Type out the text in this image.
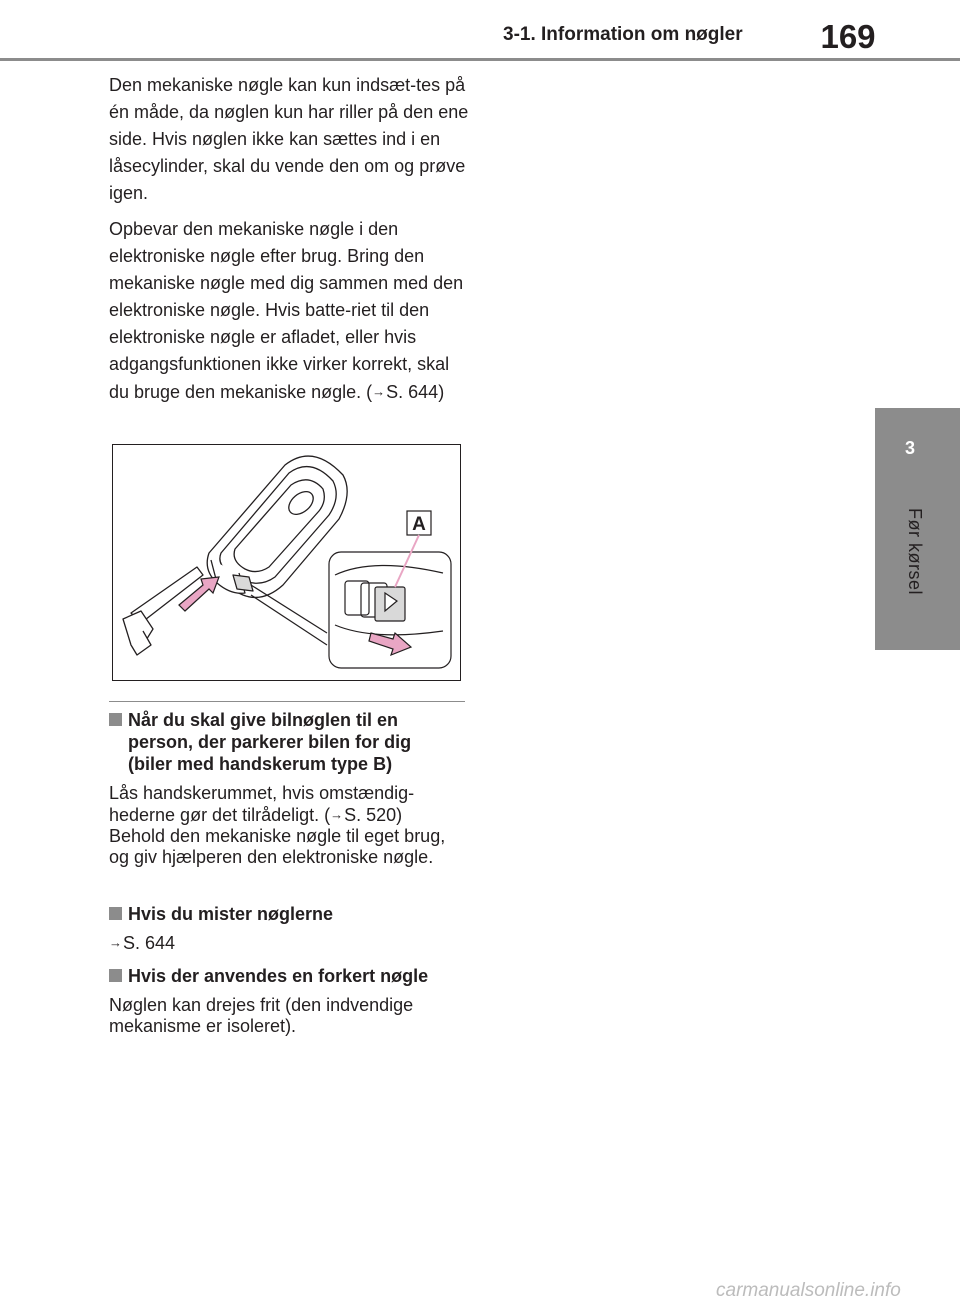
3-1. Information om nøgler	169
3
Før kørsel

Den mekaniske nøgle kan kun indsæt-tes på én måde, da nøglen kun har riller på den ene side. Hvis nøglen ikke kan sættes ind i en låsecylinder, skal du vende den om og prøve igen.

Opbevar den mekaniske nøgle i den elektroniske nøgle efter brug. Bring den mekaniske nøgle med dig sammen med den elektroniske nøgle. Hvis batte-riet til den elektroniske nøgle er afladet, eller hvis adgangsfunktionen ikke virker korrekt, skal du bruge den mekaniske nøgle. (→S. 644)

A
Når du skal give bilnøglen til en person, der parkerer bilen for dig (biler med handskerum type B)

Lås handskerummet, hvis omstændig-hederne gør det tilrådeligt. (→S. 520)
Behold den mekaniske nøgle til eget brug, og giv hjælperen den elektroniske nøgle.

Hvis du mister nøglerne

→S. 644

Hvis der anvendes en forkert nøgle

Nøglen kan drejes frit (den indvendige mekanisme er isoleret).

carmanualsonline.info
